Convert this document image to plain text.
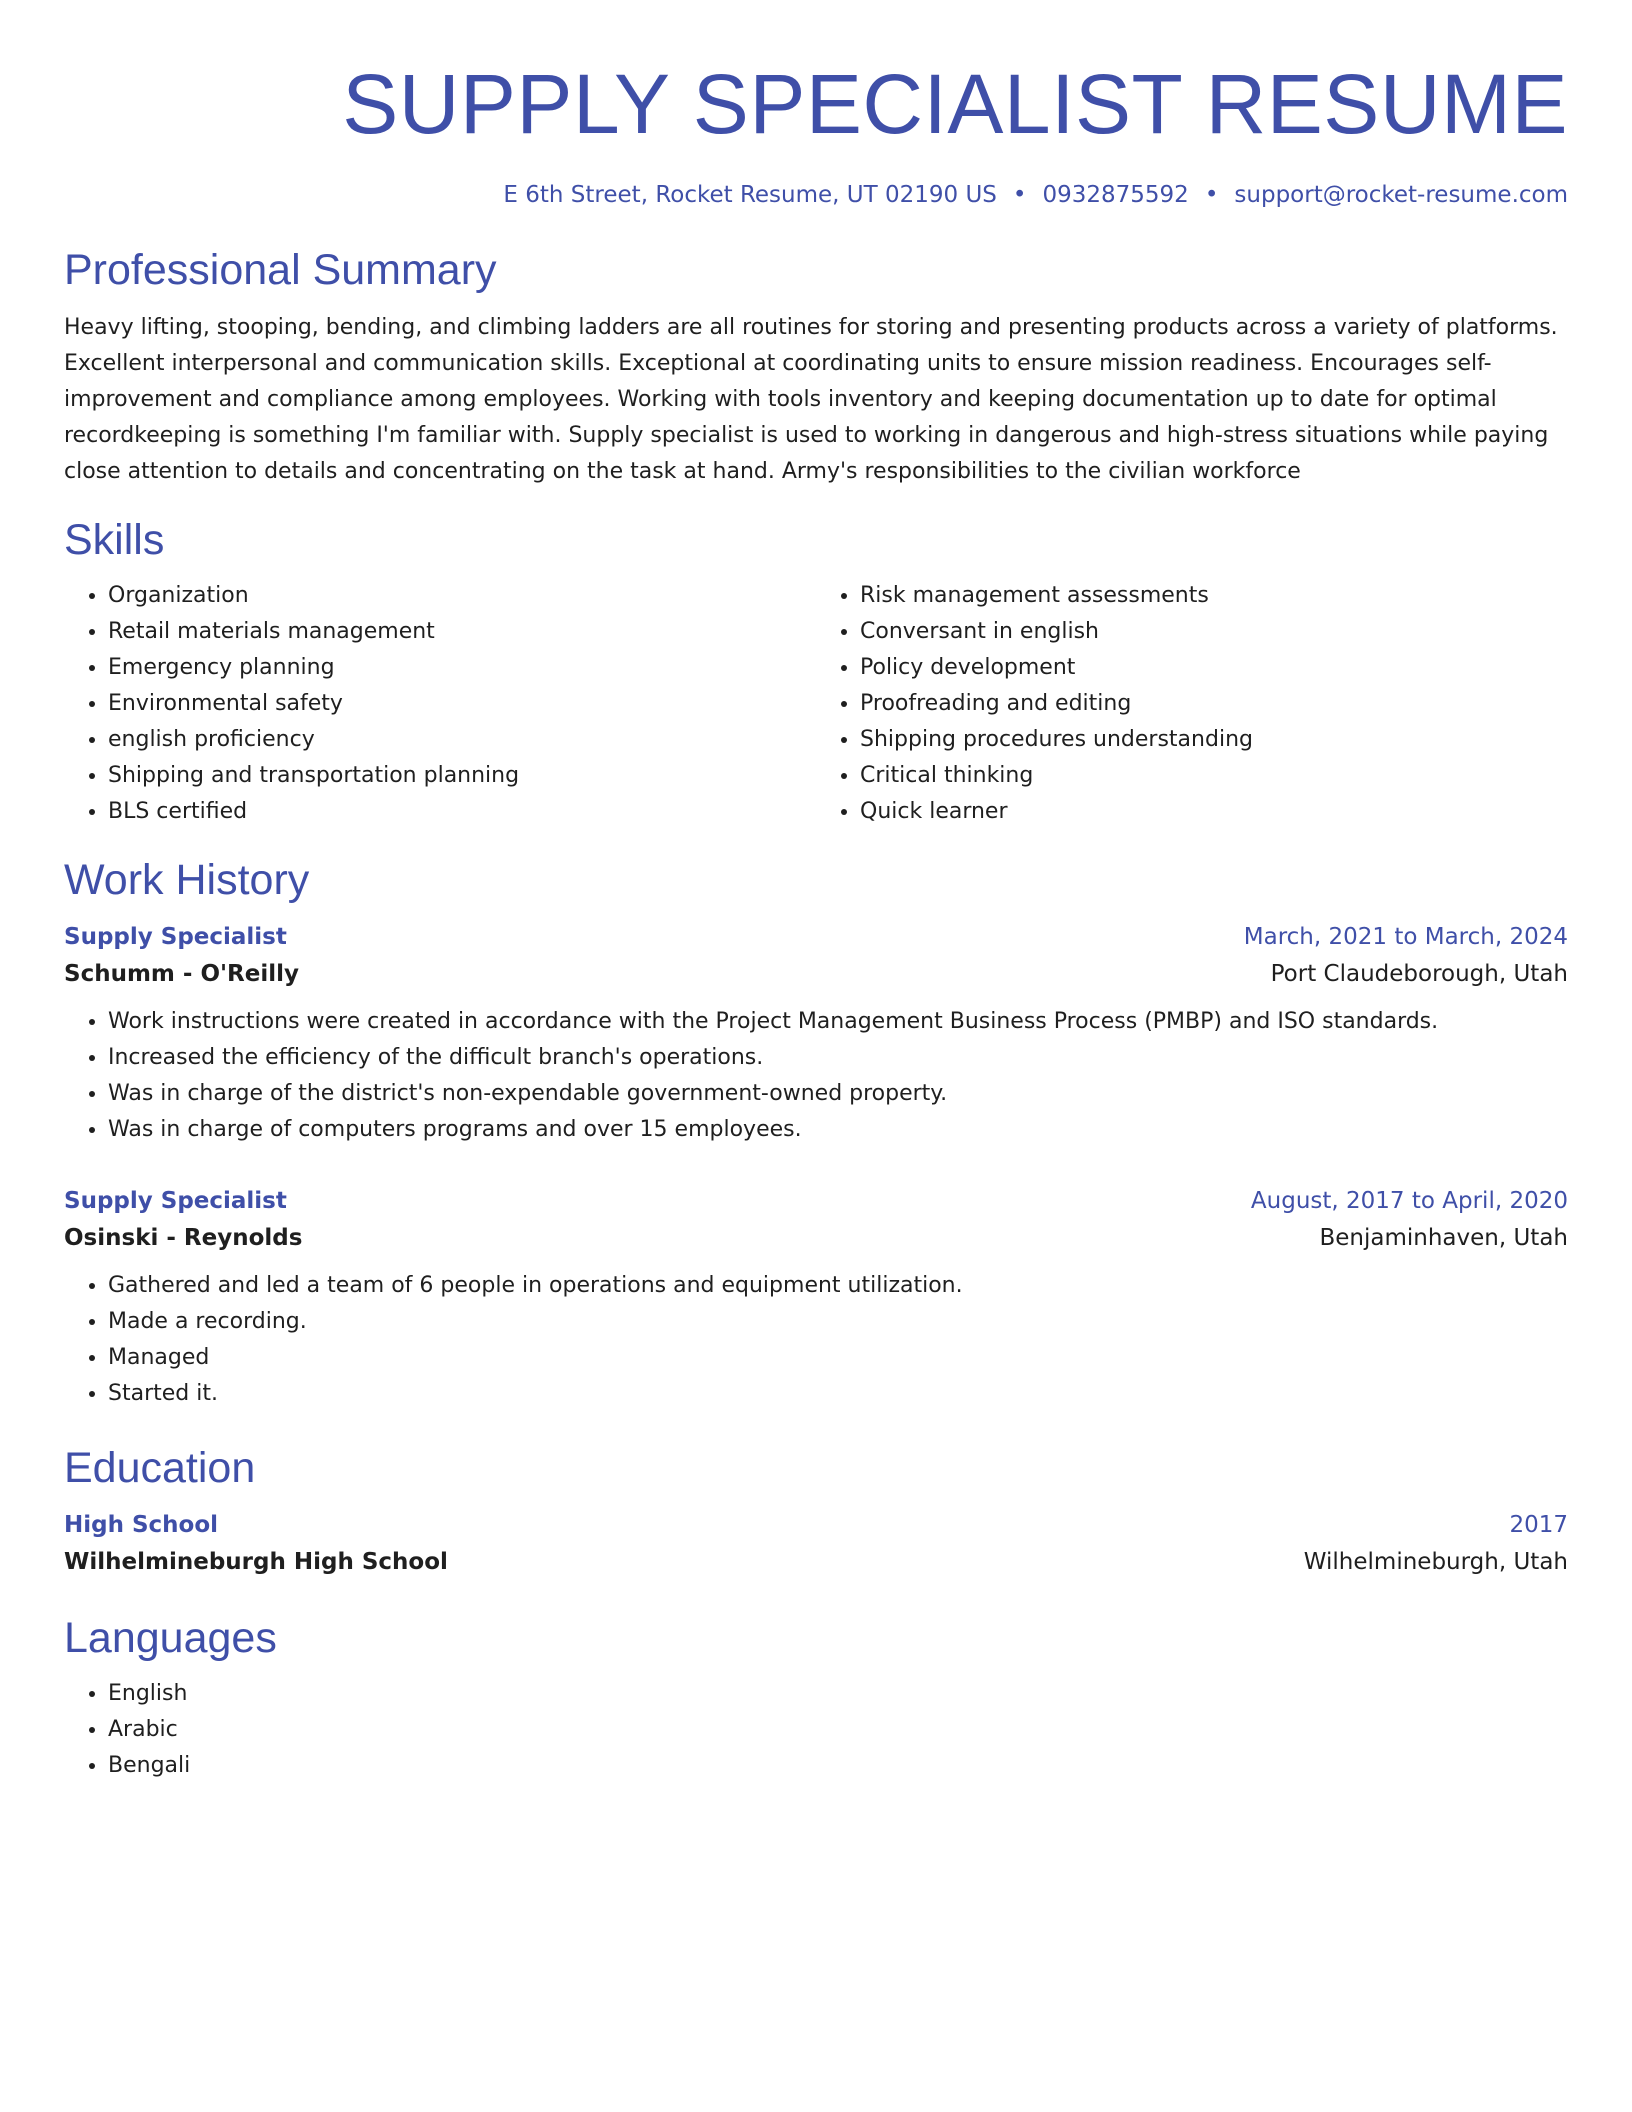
SUPPLY SPECIALIST RESUME
E 6th Street, Rocket Resume, UT 02190 US • 0932875592 • support@rocket-resume.com
Professional Summary

Heavy lifting, stooping, bending, and climbing ladders are all routines for storing and presenting products across a variety of platforms. Excellent interpersonal and communication skills. Exceptional at coordinating units to ensure mission readiness. Encourages self-improvement and compliance among employees. Working with tools inventory and keeping documentation up to date for optimal recordkeeping is something I'm familiar with. Supply specialist is used to working in dangerous and high-stress situations while paying close attention to details and concentrating on the task at hand. Army's responsibilities to the civilian workforce

Skills
• Organization
• Retail materials management
• Emergency planning
• Environmental safety
• english proficiency
• Shipping and transportation planning
• BLS certified
• Risk management assessments
• Conversant in english
• Policy development
• Proofreading and editing
• Shipping procedures understanding
• Critical thinking
• Quick learner
Work History
Supply Specialist	March, 2021 to March, 2024
Schumm - O'Reilly	Port Claudeborough, Utah
• Work instructions were created in accordance with the Project Management Business Process (PMBP) and ISO standards.
• Increased the efficiency of the difficult branch's operations.
• Was in charge of the district's non-expendable government-owned property.
• Was in charge of computers programs and over 15 employees.
Supply Specialist	August, 2017 to April, 2020
Osinski - Reynolds	Benjaminhaven, Utah
• Gathered and led a team of 6 people in operations and equipment utilization.
• Made a recording.
• Managed
• Started it.
Education
High School	2017
Wilhelmineburgh High School	Wilhelmineburgh, Utah
Languages
• English
• Arabic
• Bengali
